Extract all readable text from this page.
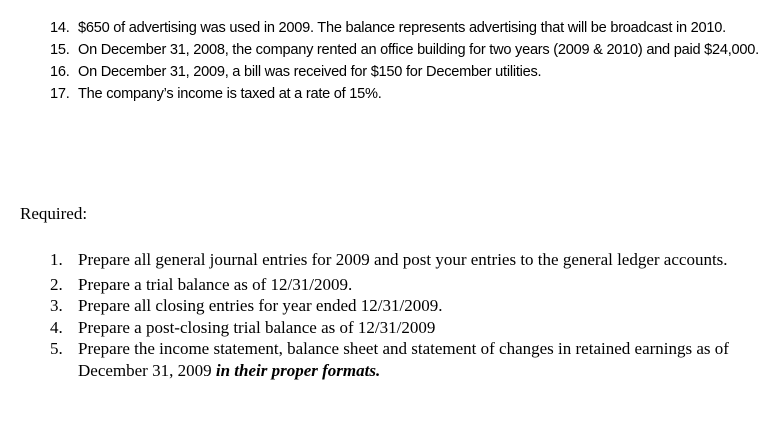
14. $650 of advertising was used in 2009. The balance represents advertising that will be broadcast in 2010.
15. On December 31, 2008, the company rented an office building for two years (2009 & 2010) and paid $24,000.
16. On December 31, 2009, a bill was received for $150 for December utilities.
17. The company’s income is taxed at a rate of 15%.
Required:
1. Prepare all general journal entries for 2009 and post your entries to the general ledger accounts.
2. Prepare a trial balance as of 12/31/2009.
3. Prepare all closing entries for year ended 12/31/2009.
4. Prepare a post-closing trial balance as of 12/31/2009
5. Prepare the income statement, balance sheet and statement of changes in retained earnings as of December 31, 2009 in their proper formats.
